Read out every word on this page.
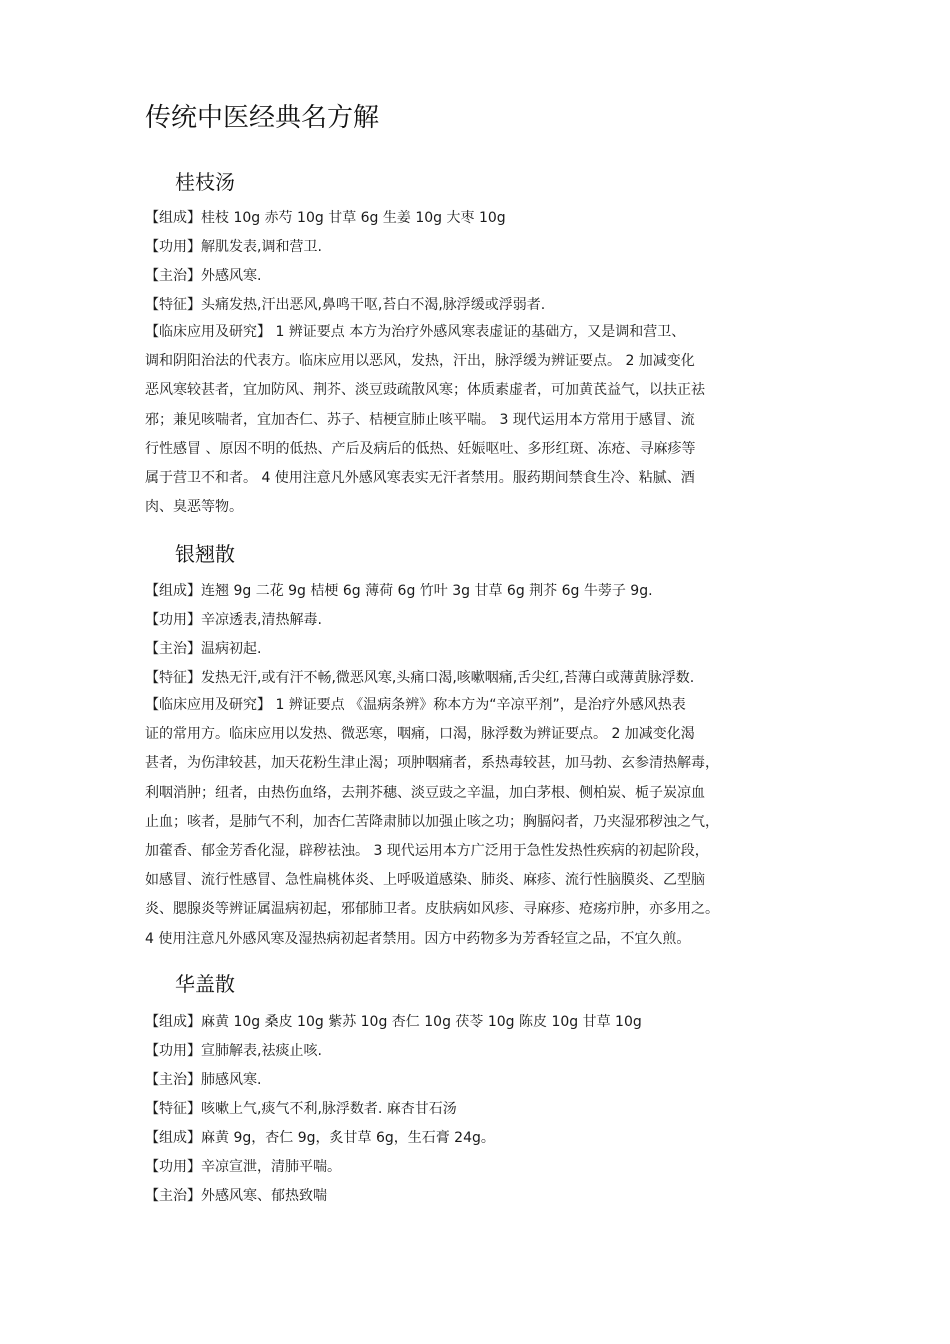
传统中医经典名方解
桂枝汤
【组成】桂枝 10g 赤芍 10g 甘草 6g 生姜 10g 大枣 10g
【功用】解肌发表,调和营卫.
【主治】外感风寒.
【特征】头痛发热,汗出恶风,鼻鸣干呕,苔白不渴,脉浮缓或浮弱者.
【临床应用及研究】 1 辨证要点 本方为治疗外感风寒表虚证的基础方，又是调和营卫、
调和阴阳治法的代表方。临床应用以恶风，发热，汗出，脉浮缓为辨证要点。 2 加减变化
恶风寒较甚者，宜加防风、荆芥、淡豆豉疏散风寒；体质素虚者，可加黄芪益气，以扶正祛
邪；兼见咳喘者，宜加杏仁、苏子、桔梗宣肺止咳平喘。 3 现代运用本方常用于感冒、流
行性感冒 、原因不明的低热、产后及病后的低热、妊娠呕吐、多形红斑、冻疮、寻麻疹等
属于营卫不和者。 4 使用注意凡外感风寒表实无汗者禁用。服药期间禁食生冷、粘腻、酒
肉、臭恶等物。
银翘散
【组成】连翘 9g 二花 9g 桔梗 6g 薄荷 6g 竹叶 3g 甘草 6g 荆芥 6g 牛蒡子 9g.
【功用】辛凉透表,清热解毒.
【主治】温病初起.
【特征】发热无汗,或有汗不畅,微恶风寒,头痛口渴,咳嗽咽痛,舌尖红,苔薄白或薄黄脉浮数.
【临床应用及研究】 1 辨证要点 《温病条辨》称本方为“辛凉平剂”，是治疗外感风热表
证的常用方。临床应用以发热、微恶寒，咽痛，口渴，脉浮数为辨证要点。 2 加减变化渴
甚者，为伤津较甚，加天花粉生津止渴；项肿咽痛者，系热毒较甚，加马勃、玄参清热解毒，
利咽消肿；纽者，由热伤血络，去荆芥穗、淡豆豉之辛温，加白茅根、侧柏炭、栀子炭凉血
止血；咳者，是肺气不利，加杏仁苦降肃肺以加强止咳之功；胸膈闷者，乃夹湿邪秽浊之气，
加藿香、郁金芳香化湿，辟秽祛浊。 3 现代运用本方广泛用于急性发热性疾病的初起阶段，
如感冒、流行性感冒、急性扁桃体炎、上呼吸道感染、肺炎、麻疹、流行性脑膜炎、乙型脑
炎、腮腺炎等辨证属温病初起，邪郁肺卫者。皮肤病如风疹、寻麻疹、疮疡疖肿，亦多用之。
4 使用注意凡外感风寒及湿热病初起者禁用。因方中药物多为芳香轻宣之品，不宜久煎。
华盖散
【组成】麻黄 10g 桑皮 10g 紫苏 10g 杏仁 10g 茯苓 10g 陈皮 10g 甘草 10g
【功用】宣肺解表,祛痰止咳.
【主治】肺感风寒.
【特征】咳嗽上气,痰气不利,脉浮数者. 麻杏甘石汤
【组成】麻黄 9g，杏仁 9g，炙甘草 6g，生石膏 24g。
【功用】辛凉宣泄，清肺平喘。
【主治】外感风寒、郁热致喘
